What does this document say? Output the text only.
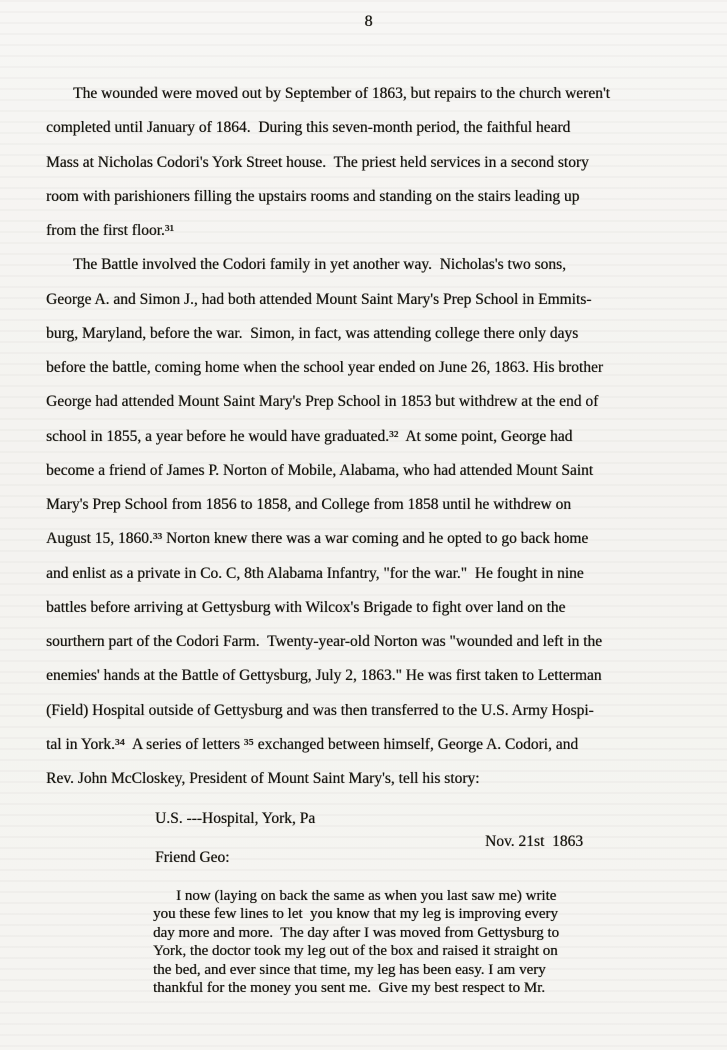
8
The wounded were moved out by September of 1863, but repairs to the church weren't
completed until January of 1864.  During this seven-month period, the faithful heard
Mass at Nicholas Codori's York Street house.  The priest held services in a second story
room with parishioners filling the upstairs rooms and standing on the stairs leading up
from the first floor.³¹
The Battle involved the Codori family in yet another way.  Nicholas's two sons,
George A. and Simon J., had both attended Mount Saint Mary's Prep School in Emmits-
burg, Maryland, before the war.  Simon, in fact, was attending college there only days
before the battle, coming home when the school year ended on June 26, 1863. His brother
George had attended Mount Saint Mary's Prep School in 1853 but withdrew at the end of
school in 1855, a year before he would have graduated.³²  At some point, George had
become a friend of James P. Norton of Mobile, Alabama, who had attended Mount Saint
Mary's Prep School from 1856 to 1858, and College from 1858 until he withdrew on
August 15, 1860.³³ Norton knew there was a war coming and he opted to go back home
and enlist as a private in Co. C, 8th Alabama Infantry, "for the war."  He fought in nine
battles before arriving at Gettysburg with Wilcox's Brigade to fight over land on the
sourthern part of the Codori Farm.  Twenty-year-old Norton was "wounded and left in the
enemies' hands at the Battle of Gettysburg, July 2, 1863." He was first taken to Letterman
(Field) Hospital outside of Gettysburg and was then transferred to the U.S. Army Hospi-
tal in York.³⁴  A series of letters ³⁵ exchanged between himself, George A. Codori, and
Rev. John McCloskey, President of Mount Saint Mary's, tell his story:
U.S. ---Hospital, York, Pa
Nov. 21st  1863
Friend Geo:
I now (laying on back the same as when you last saw me) write
you these few lines to let  you know that my leg is improving every
day more and more.  The day after I was moved from Gettysburg to
York, the doctor took my leg out of the box and raised it straight on
the bed, and ever since that time, my leg has been easy. I am very
thankful for the money you sent me.  Give my best respect to Mr.
